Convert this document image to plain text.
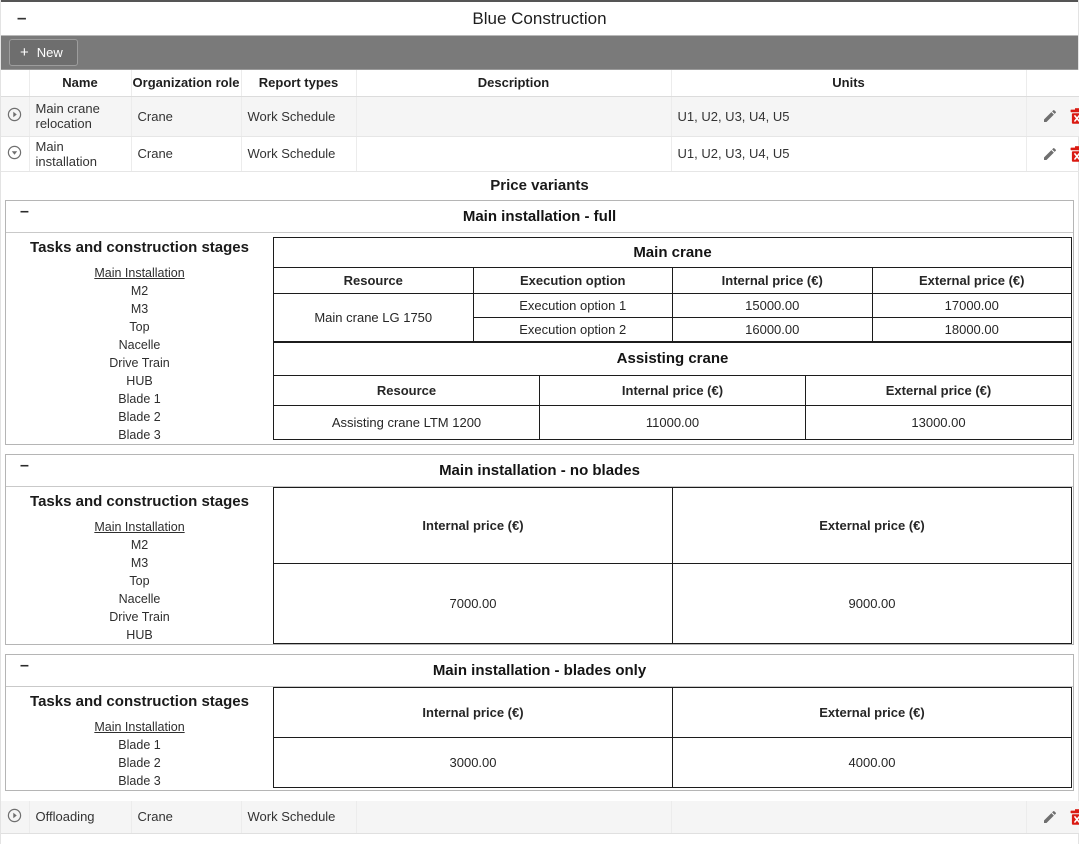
–	Blue Construction
+ New
	Name	Organization role	Report types	Description	Units	
	Main crane relocation	Crane	Work Schedule		U1, U2, U3, U4, U5	
	Main installation	Crane	Work Schedule		U1, U2, U3, U4, U5	
Price variants
–	Main installation - full
Tasks and construction stages
Main Installation
M2
M3
Top
Nacelle
Drive Train
HUB
Blade 1
Blade 2
Blade 3
Main crane			
Resource	Execution option	Internal price (€)	External price (€)
Main crane LG 1750	Execution option 1	15000.00	17000.00
	Execution option 2	16000.00	18000.00
Assisting crane		
Resource	Internal price (€)	External price (€)
Assisting crane LTM 1200	11000.00	13000.00
–	Main installation - no blades
Tasks and construction stages
Main Installation
M2
M3
Top
Nacelle
Drive Train
HUB
Internal price (€)	External price (€)
7000.00	9000.00
–	Main installation - blades only
Tasks and construction stages
Main Installation
Blade 1
Blade 2
Blade 3
Internal price (€)	External price (€)
3000.00	4000.00
	Offloading	Crane	Work Schedule			
